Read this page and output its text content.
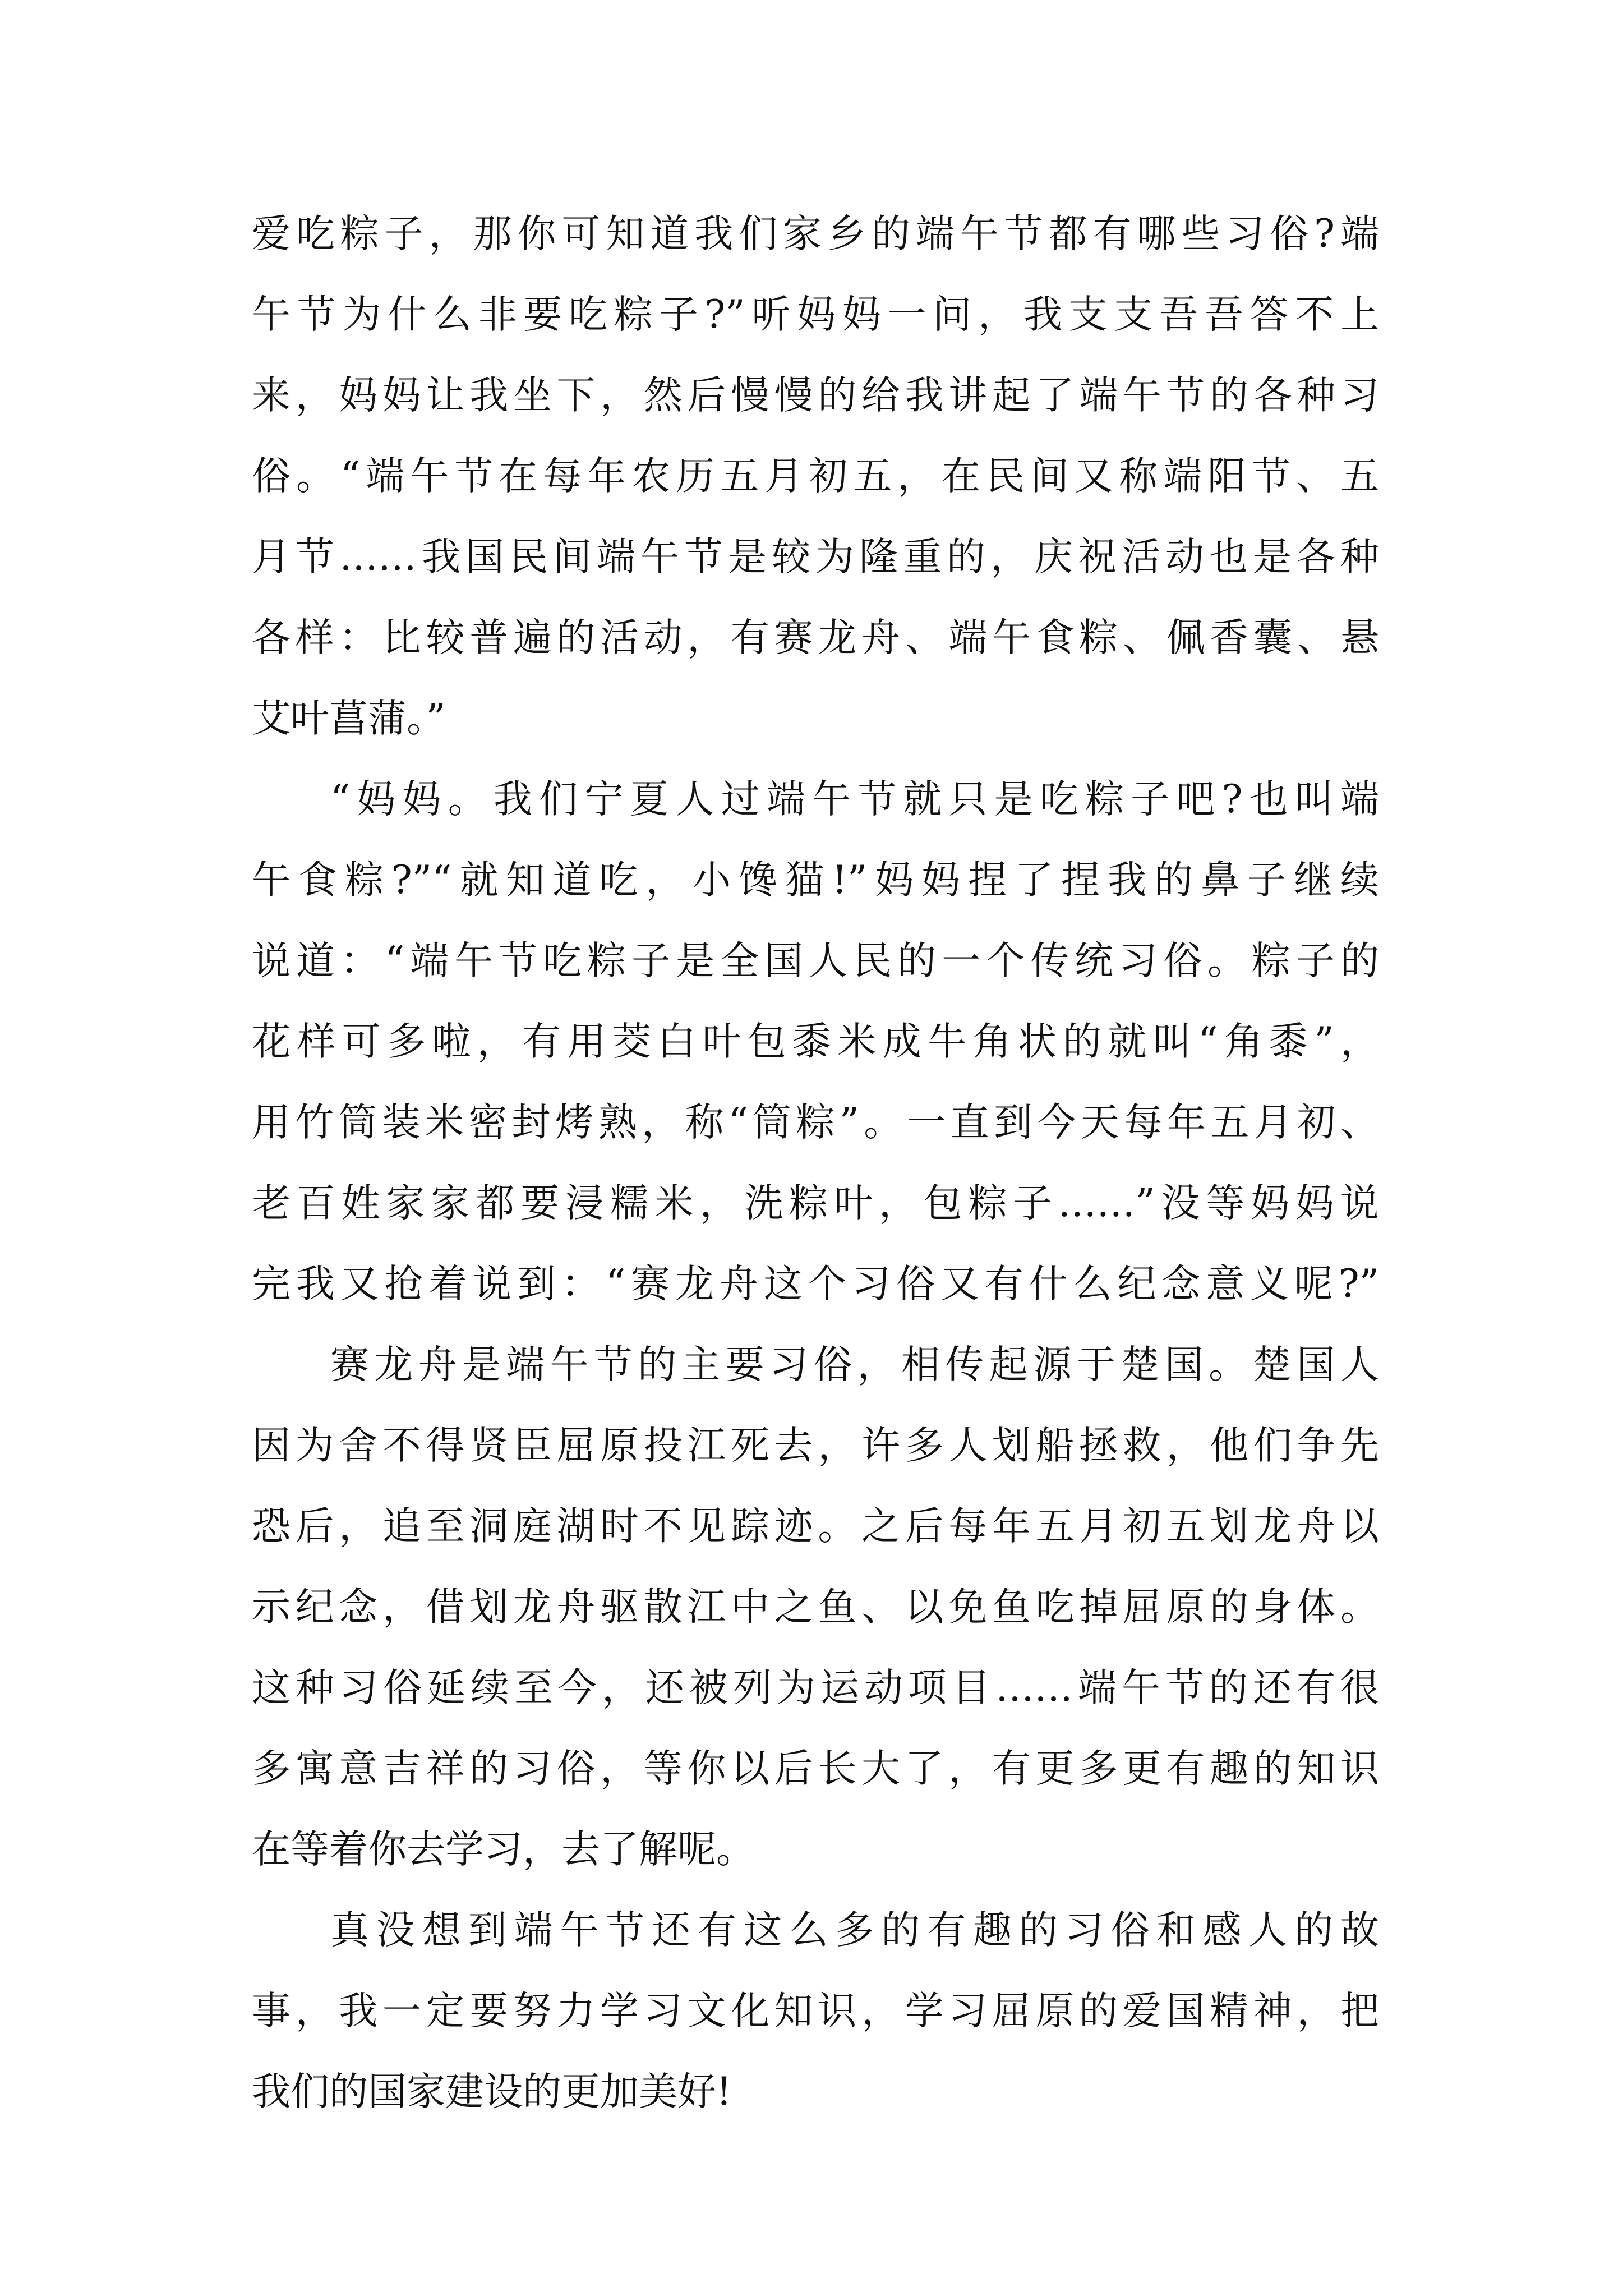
爱吃粽子，那你可知道我们家乡的端午节都有哪些习俗?端
午节为什么非要吃粽子?”听妈妈一问，我支支吾吾答不上
来，妈妈让我坐下，然后慢慢的给我讲起了端午节的各种习
俗。“端午节在每年农历五月初五，在民间又称端阳节、五
月节……我国民间端午节是较为隆重的，庆祝活动也是各种
各样：比较普遍的活动，有赛龙舟、端午食粽、佩香囊、悬
艾叶菖蒲。”
“妈妈。我们宁夏人过端午节就只是吃粽子吧?也叫端
午食粽?”“就知道吃，小馋猫!”妈妈捏了捏我的鼻子继续
说道：“端午节吃粽子是全国人民的一个传统习俗。粽子的
花样可多啦，有用茭白叶包黍米成牛角状的就叫“角黍”，
用竹筒装米密封烤熟，称“筒粽”。一直到今天每年五月初、
老百姓家家都要浸糯米，洗粽叶，包粽子……”没等妈妈说
完我又抢着说到：“赛龙舟这个习俗又有什么纪念意义呢?”
赛龙舟是端午节的主要习俗，相传起源于楚国。楚国人
因为舍不得贤臣屈原投江死去，许多人划船拯救，他们争先
恐后，追至洞庭湖时不见踪迹。之后每年五月初五划龙舟以
示纪念，借划龙舟驱散江中之鱼、以免鱼吃掉屈原的身体。
这种习俗延续至今，还被列为运动项目……端午节的还有很
多寓意吉祥的习俗，等你以后长大了，有更多更有趣的知识
在等着你去学习，去了解呢。
真没想到端午节还有这么多的有趣的习俗和感人的故
事，我一定要努力学习文化知识，学习屈原的爱国精神，把
我们的国家建设的更加美好!
